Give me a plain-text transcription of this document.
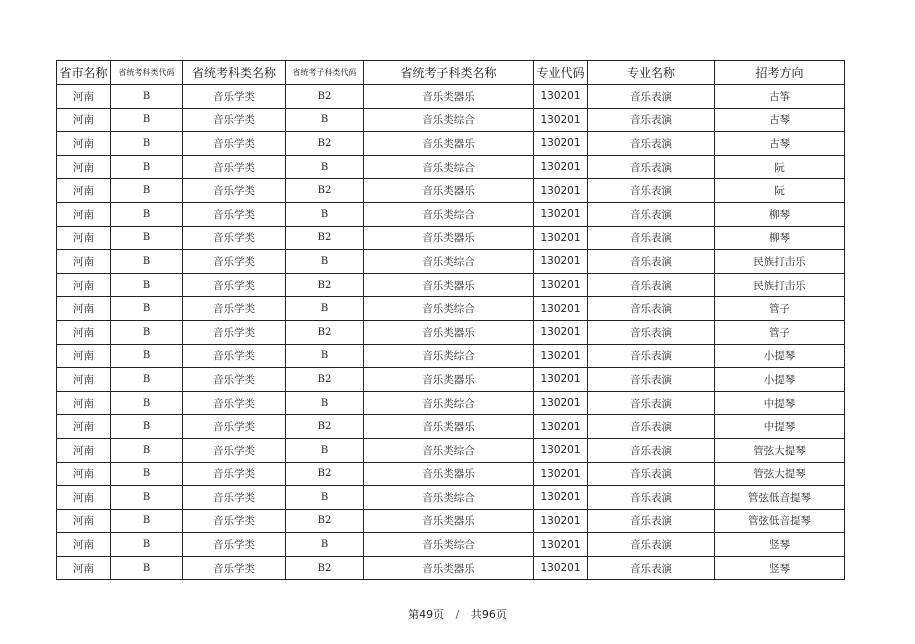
省市名称	省统考科类代码	省统考科类名称	省统考子科类代码	省统考子科类名称	专业代码	专业名称	招考方向
河南	B	音乐学类	B2	音乐类器乐	130201	音乐表演	古筝
河南	B	音乐学类	B	音乐类综合	130201	音乐表演	古琴
河南	B	音乐学类	B2	音乐类器乐	130201	音乐表演	古琴
河南	B	音乐学类	B	音乐类综合	130201	音乐表演	阮
河南	B	音乐学类	B2	音乐类器乐	130201	音乐表演	阮
河南	B	音乐学类	B	音乐类综合	130201	音乐表演	柳琴
河南	B	音乐学类	B2	音乐类器乐	130201	音乐表演	柳琴
河南	B	音乐学类	B	音乐类综合	130201	音乐表演	民族打击乐
河南	B	音乐学类	B2	音乐类器乐	130201	音乐表演	民族打击乐
河南	B	音乐学类	B	音乐类综合	130201	音乐表演	管子
河南	B	音乐学类	B2	音乐类器乐	130201	音乐表演	管子
河南	B	音乐学类	B	音乐类综合	130201	音乐表演	小提琴
河南	B	音乐学类	B2	音乐类器乐	130201	音乐表演	小提琴
河南	B	音乐学类	B	音乐类综合	130201	音乐表演	中提琴
河南	B	音乐学类	B2	音乐类器乐	130201	音乐表演	中提琴
河南	B	音乐学类	B	音乐类综合	130201	音乐表演	管弦大提琴
河南	B	音乐学类	B2	音乐类器乐	130201	音乐表演	管弦大提琴
河南	B	音乐学类	B	音乐类综合	130201	音乐表演	管弦低音提琴
河南	B	音乐学类	B2	音乐类器乐	130201	音乐表演	管弦低音提琴
河南	B	音乐学类	B	音乐类综合	130201	音乐表演	竖琴
河南	B	音乐学类	B2	音乐类器乐	130201	音乐表演	竖琴
第49页 / 共96页
